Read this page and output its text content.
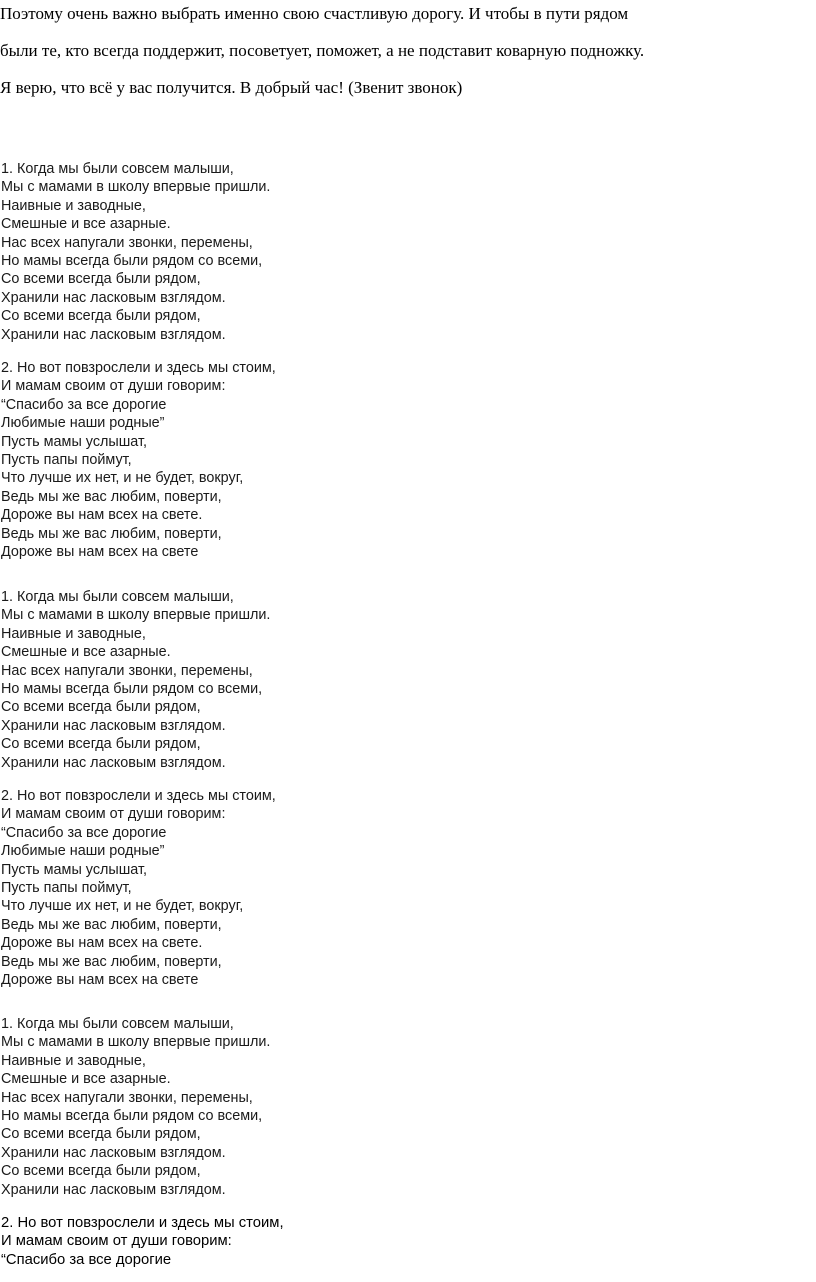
Поэтому очень важно выбрать именно свою счастливую дорогу. И чтобы в пути рядом

были те, кто всегда поддержит, посоветует, поможет, а не подставит коварную подножку.

Я верю, что всё у вас получится. В добрый час! (Звенит звонок)

1. Когда мы были совсем малыши,
Мы с мамами в школу впервые пришли.
Наивные и заводные,
Смешные и все азарные.
Нас всех напугали звонки, перемены,
Но мамы всегда были рядом со всеми,
Со всеми всегда были рядом,
Хранили нас ласковым взглядом.
Со всеми всегда были рядом,
Хранили нас ласковым взглядом.
2. Но вот повзрослели и здесь мы стоим,
И мамам своим от души говорим:
“Спасибо за все дорогие
Любимые наши родные”
Пусть мамы услышат,
Пусть папы поймут,
Что лучше их нет, и не будет, вокруг,
Ведь мы же вас любим, поверти,
Дороже вы нам всех на свете.
Ведь мы же вас любим, поверти,
Дороже вы нам всех на свете
1. Когда мы были совсем малыши,
Мы с мамами в школу впервые пришли.
Наивные и заводные,
Смешные и все азарные.
Нас всех напугали звонки, перемены,
Но мамы всегда были рядом со всеми,
Со всеми всегда были рядом,
Хранили нас ласковым взглядом.
Со всеми всегда были рядом,
Хранили нас ласковым взглядом.
2. Но вот повзрослели и здесь мы стоим,
И мамам своим от души говорим:
“Спасибо за все дорогие
Любимые наши родные”
Пусть мамы услышат,
Пусть папы поймут,
Что лучше их нет, и не будет, вокруг,
Ведь мы же вас любим, поверти,
Дороже вы нам всех на свете.
Ведь мы же вас любим, поверти,
Дороже вы нам всех на свете
1. Когда мы были совсем малыши,
Мы с мамами в школу впервые пришли.
Наивные и заводные,
Смешные и все азарные.
Нас всех напугали звонки, перемены,
Но мамы всегда были рядом со всеми,
Со всеми всегда были рядом,
Хранили нас ласковым взглядом.
Со всеми всегда были рядом,
Хранили нас ласковым взглядом.
2. Но вот повзрослели и здесь мы стоим,
И мамам своим от души говорим:
“Спасибо за все дорогие
